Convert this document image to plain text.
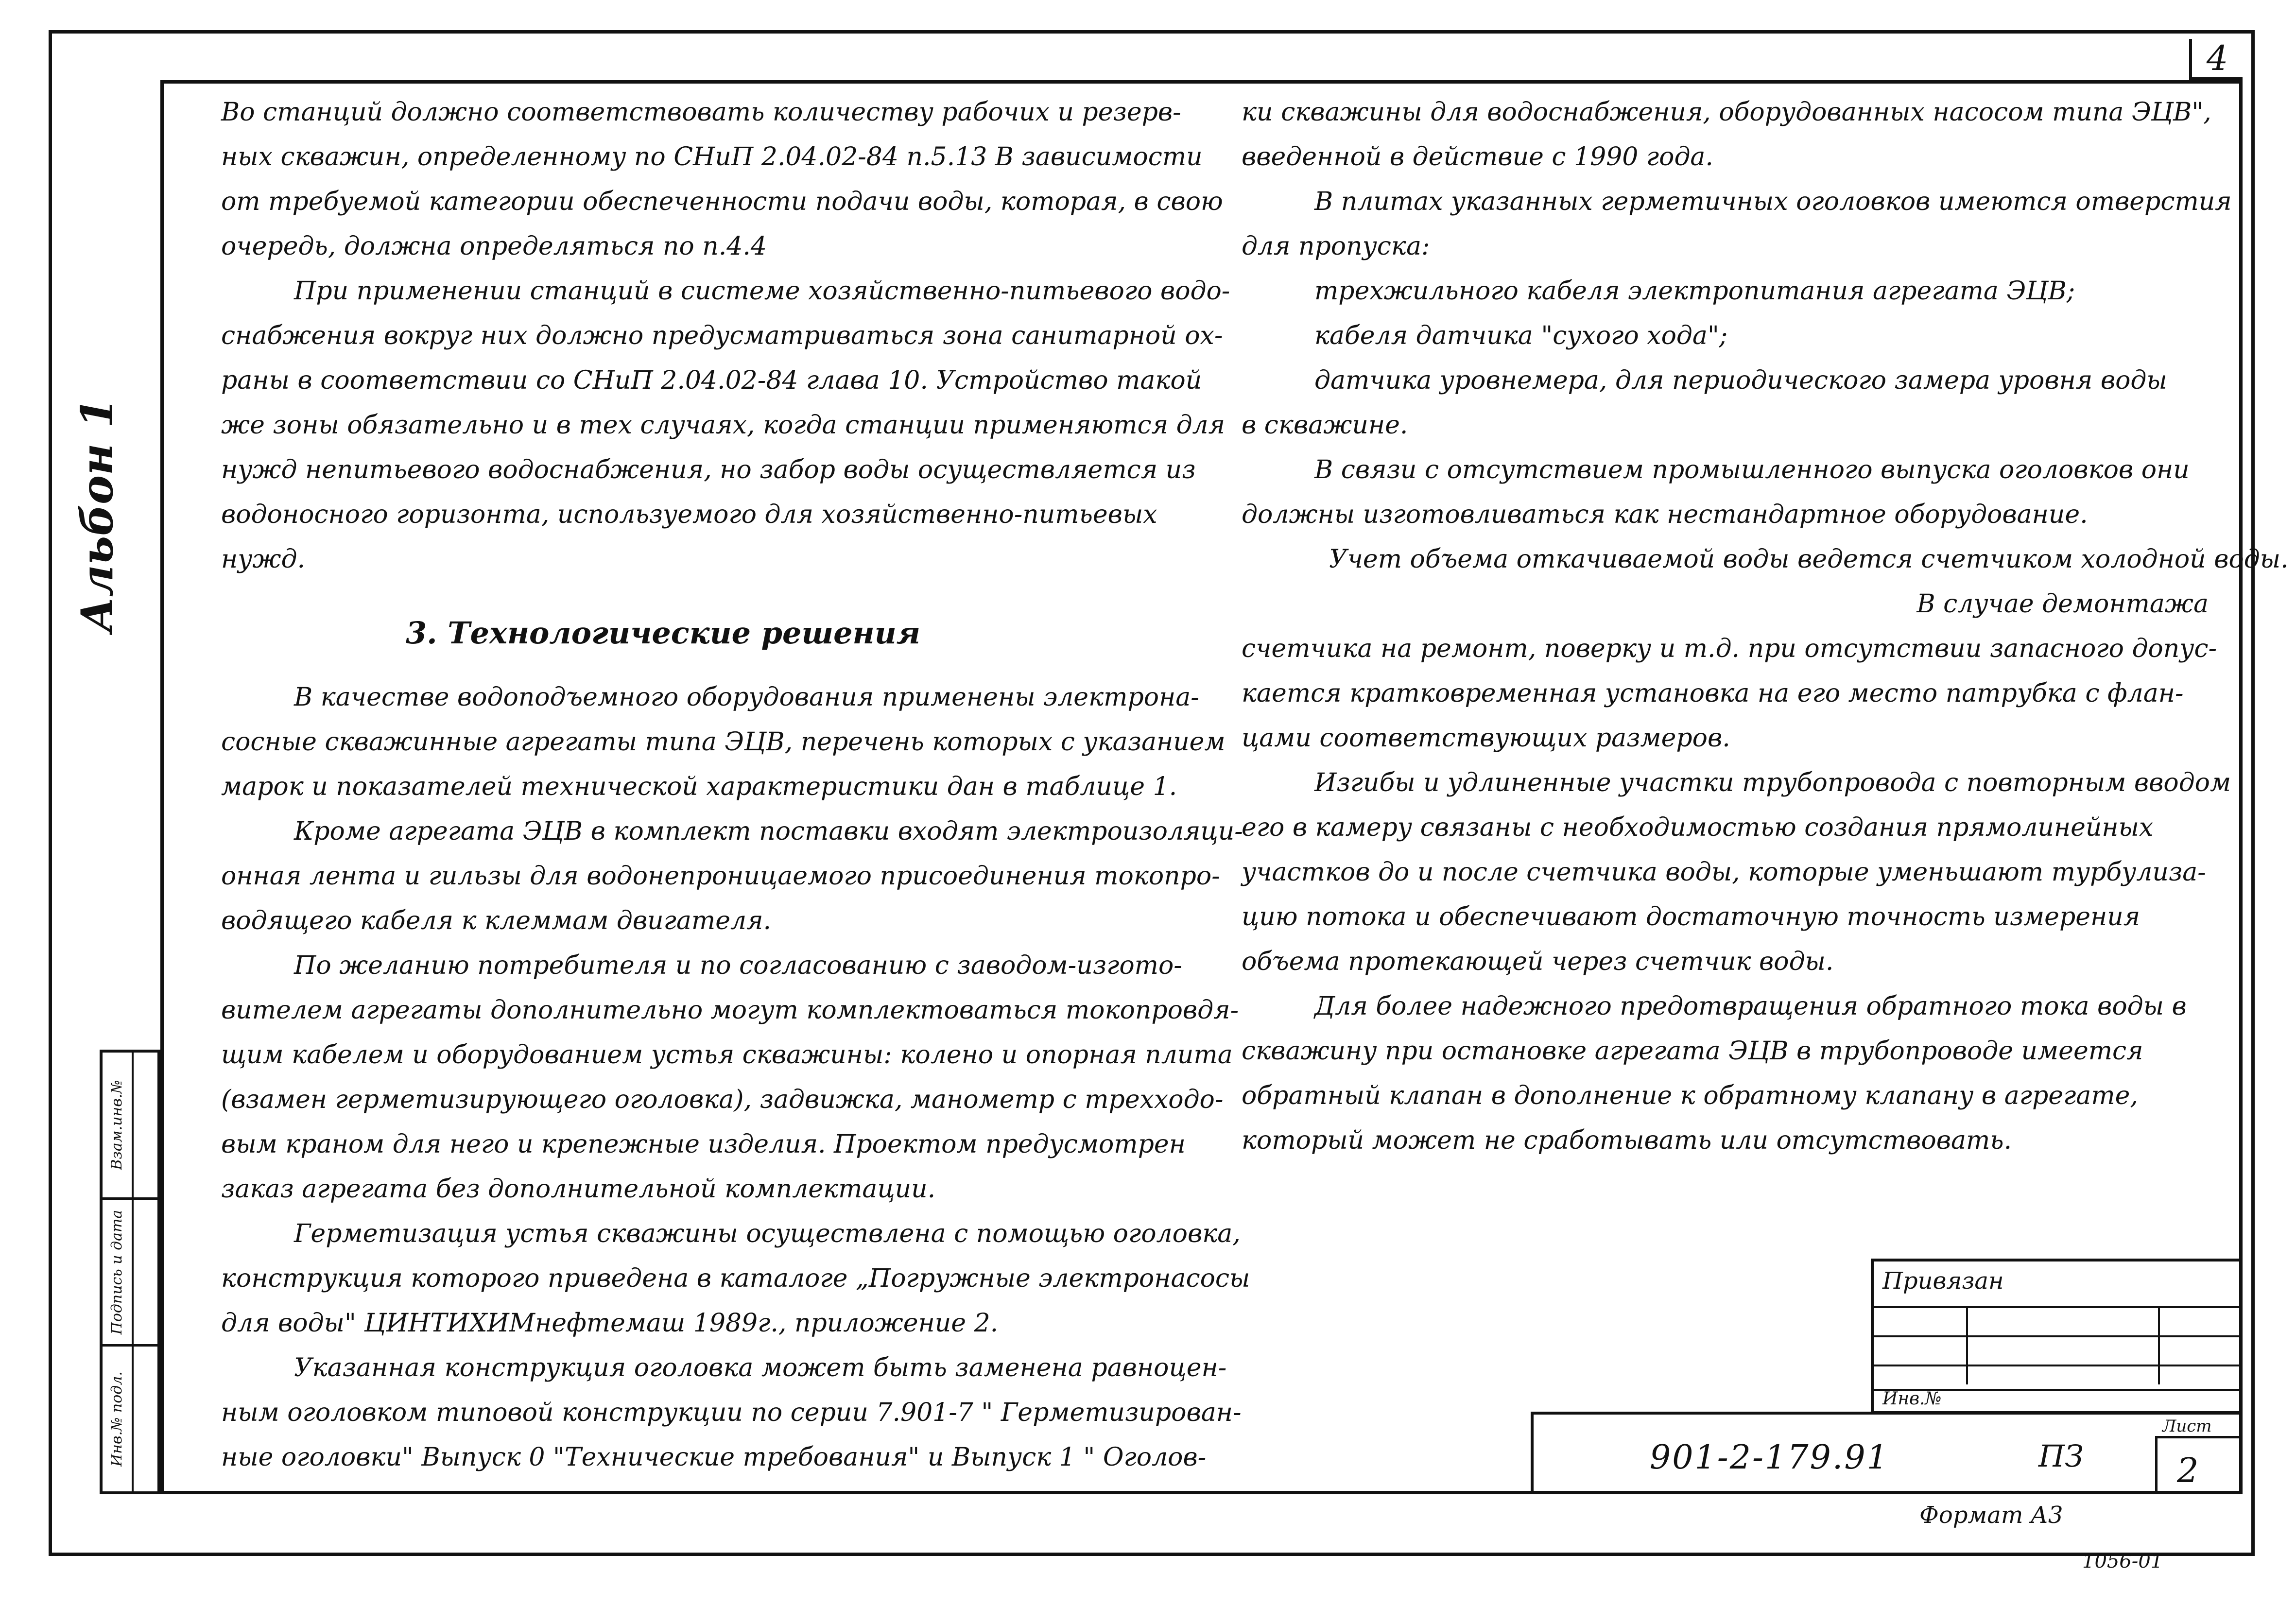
4
Альбон 1
Взам.инв.№
Подпись и дата
Инв.№ подл.

Во станций должно соответствовать количеству рабочих и резерв-

ных скважин, определенному по СНиП 2.04.02-84 п.5.13 В зависимости

от требуемой категории обеспеченности подачи воды, которая, в свою

очередь, должна определяться по п.4.4

При применении станций в системе хозяйственно-питьевого водо-

снабжения вокруг них должно предусматриваться зона санитарной ох-

раны в соответствии со СНиП 2.04.02-84 глава 10. Устройство такой

же зоны обязательно и в тех случаях, когда станции применяются для

нужд непитьевого водоснабжения, но забор воды осуществляется из

водоносного горизонта, используемого для хозяйственно-питьевых

нужд.

3. Технологические решения

В качестве водоподъемного оборудования применены электрона-

сосные скважинные агрегаты типа ЭЦВ, перечень которых с указанием

марок и показателей технической характеристики дан в таблице 1.

Кроме агрегата ЭЦВ в комплект поставки входят электроизоляци-

онная лента и гильзы для водонепроницаемого присоединения токопро-

водящего кабеля к клеммам двигателя.

По желанию потребителя и по согласованию с заводом-изгото-

вителем агрегаты дополнительно могут комплектоваться токопровдя-

щим кабелем и оборудованием устья скважины: колено и опорная плита

(взамен герметизирующего оголовка), задвижка, манометр с трехходо-

вым краном для него и крепежные изделия. Проектом предусмотрен

заказ агрегата без дополнительной комплектации.

Герметизация устья скважины осуществлена с помощью оголовка,

конструкция которого приведена в каталоге „Погружные электронасосы

для воды" ЦИНТИХИМнефтемаш 1989г., приложение 2.

Указанная конструкция оголовка может быть заменена равноцен-

ным оголовком типовой конструкции по серии 7.901-7 " Герметизирован-

ные оголовки" Выпуск 0 "Технические требования" и Выпуск 1 " Оголов-

ки скважины для водоснабжения, оборудованных насосом типа ЭЦВ",

введенной в действие с 1990 года.

В плитах указанных герметичных оголовков имеются отверстия

для пропуска:

трехжильного кабеля электропитания агрегата ЭЦВ;

кабеля датчика "сухого хода";

датчика уровнемера, для периодического замера уровня воды

в скважине.

В связи с отсутствием промышленного выпуска оголовков они

должны изготовливаться как нестандартное оборудование.

Учет объема откачиваемой воды ведется счетчиком холодной воды.

В случае демонтажа

счетчика на ремонт, поверку и т.д. при отсутствии запасного допус-

кается кратковременная установка на его место патрубка с флан-

цами соответствующих размеров.

Изгибы и удлиненные участки трубопровода с повторным вводом

его в камеру связаны с необходимостью создания прямолинейных

участков до и после счетчика воды, которые уменьшают турбулиза-

цию потока и обеспечивают достаточную точность измерения

объема протекающей через счетчик воды.

Для более надежного предотвращения обратного тока воды в

скважину при остановке агрегата ЭЦВ в трубопроводе имеется

обратный клапан в дополнение к обратному клапану в агрегате,

который может не сработывать или отсутствовать.

Привязан
Инв.№
901-2-179.91	ПЗ
Лист
2
Формат А3
1056-01
